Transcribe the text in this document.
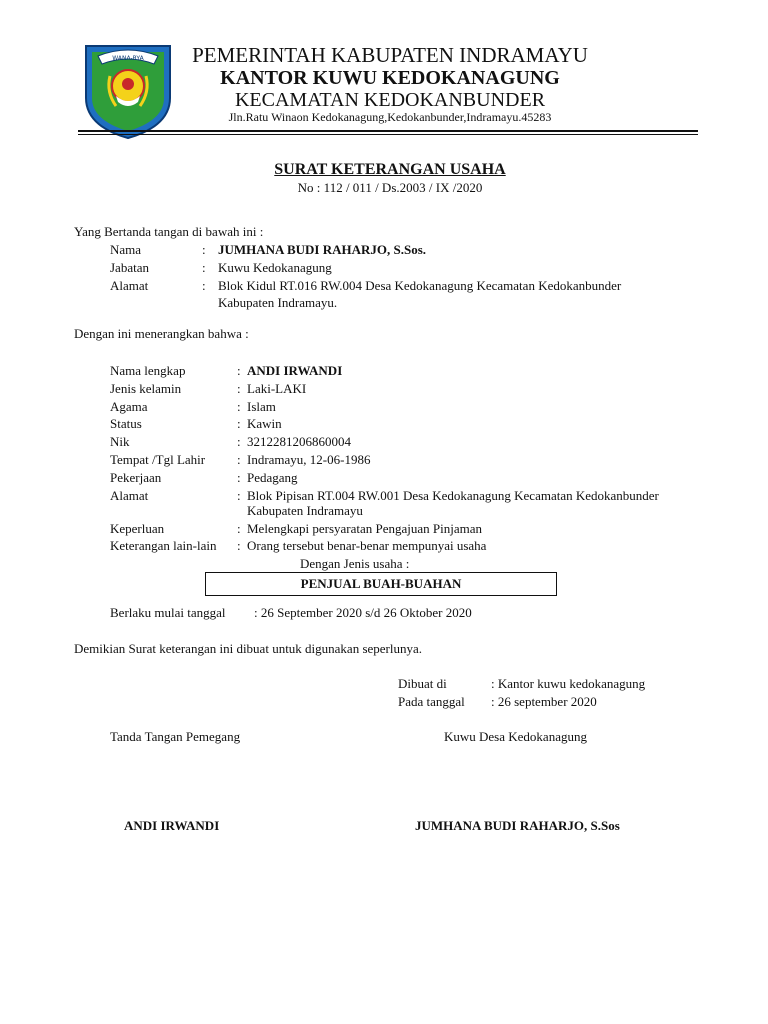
WANA-RYA	PEMERINTAH KABUPATEN INDRAMAYU
KANTOR KUWU KEDOKANAGUNG
KECAMATAN KEDOKANBUNDER
Jln.Ratu Winaon Kedokanagung,Kedokanbunder,Indramayu.45283
SURAT KETERANGAN USAHA
No : 112 / 011 / Ds.2003 / IX /2020
Yang Bertanda tangan di bawah ini :
Nama	: JUMHANA BUDI RAHARJO, S.Sos.
Jabatan	: Kuwu Kedokanagung
Alamat	: Blok Kidul RT.016 RW.004 Desa Kedokanagung Kecamatan Kedokanbunder
Kabupaten Indramayu.
Dengan ini menerangkan bahwa :
Nama lengkap	: ANDI IRWANDI
Jenis kelamin	: Laki-LAKI
Agama	: Islam
Status	: Kawin
Nik	: 3212281206860004
Tempat /Tgl Lahir : Indramayu, 12-06-1986
Pekerjaan	: Pedagang
Alamat	: Blok Pipisan RT.004 RW.001 Desa Kedokanagung Kecamatan Kedokanbunder
Kabupaten Indramayu
Keperluan	: Melengkapi persyaratan Pengajuan Pinjaman
Keterangan lain-lain : Orang tersebut benar-benar mempunyai usaha
Dengan Jenis usaha :
PENJUAL BUAH-BUAHAN
Berlaku mulai tanggal : 26 September 2020 s/d 26 Oktober 2020
Demikian Surat keterangan ini dibuat untuk digunakan seperlunya.
Dibuat di	: Kantor kuwu kedokanagung
Pada tanggal : 26 september 2020
Tanda Tangan Pemegang	Kuwu Desa Kedokanagung
ANDI IRWANDI	JUMHANA BUDI RAHARJO, S.Sos
